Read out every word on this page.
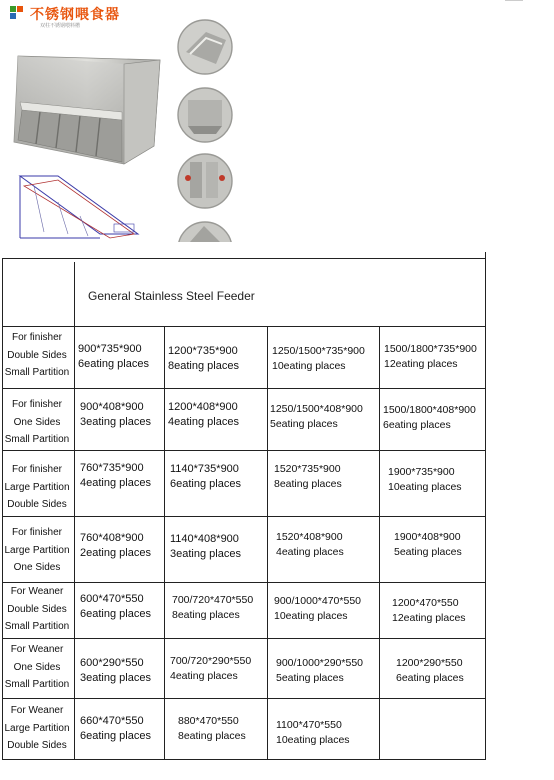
不锈钢喂食器
双柱不锈钢喂料槽
General Stainless Steel Feeder
For finisher
Double Sides
Small Partition
For finisher
One Sides
Small Partition
For finisher
Large Partition
Double Sides
For finisher
Large Partition
One Sides
For Weaner
Double Sides
Small Partition
For Weaner
One Sides
Small Partition
For Weaner
Large Partition
Double Sides
900*735*900
6eating places
1200*735*900
8eating places
1250/1500*735*900
10eating places
1500/1800*735*900
12eating places
900*408*900
3eating places
1200*408*900
4eating places
1250/1500*408*900
5eating places
1500/1800*408*900
6eating places
760*735*900
4eating places
1140*735*900
6eating places
1520*735*900
8eating places
1900*735*900
10eating places
760*408*900
2eating places
1140*408*900
3eating places
1520*408*900
4eating places
1900*408*900
5eating places
600*470*550
6eating places
700/720*470*550
8eating places
900/1000*470*550
10eating places
1200*470*550
12eating places
600*290*550
3eating places
700/720*290*550
4eating places
900/1000*290*550
5eating places
1200*290*550
6eating places
660*470*550
6eating places
880*470*550
8eating places
1100*470*550
10eating places
